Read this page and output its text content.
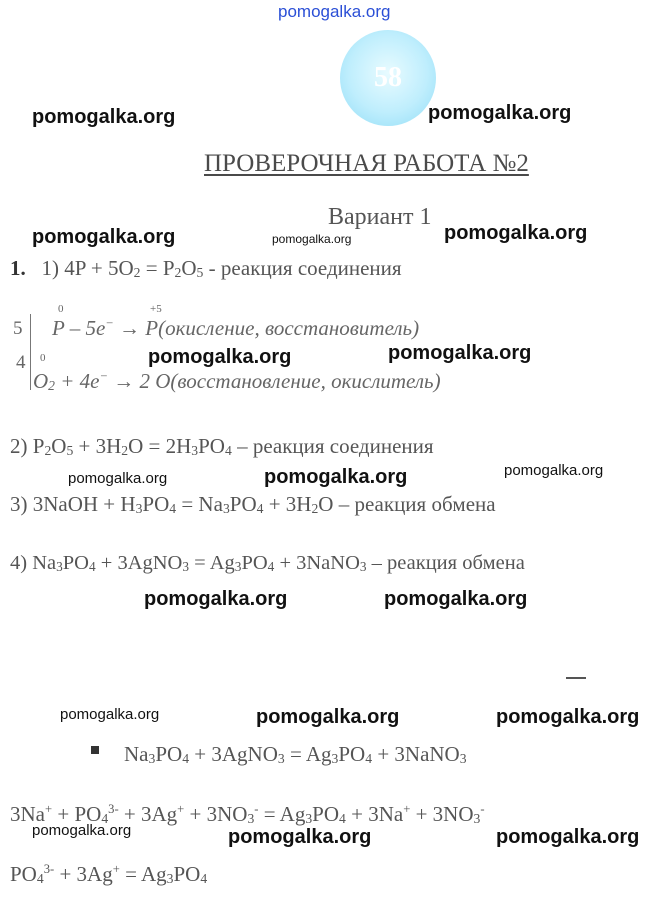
pomogalka.org
58
ПРОВЕРОЧНАЯ РАБОТА №2
Вариант 1
1. 1) $4P + 5O_2 = P_2O_5$ - реакция соединения
5
4
0	+5
P – 5e− → P(окисление, восстановитель)
0
$O_2 + 4e^- \to 2$ O(восстановление, окислитель)
2) $P_2O_5 + 3H_2O = 2H_3PO_4$ – реакция соединения
3) 3NaOH + $H_3PO_4 = Na_3PO_4 + 3H_2O$ – реакция обмена
4) $Na_3PO_4$ + 3AgNO$_3$ = $Ag_3PO_4$ + 3NaNO$_3$ – реакция обмена
$Na_3PO_4$ + 3AgNO$_3$ = $Ag_3PO_4$ + 3NaNO$_3$
$3Na^+ + PO_4^{3-} + 3Ag^+ + 3NO_3^- = Ag_3PO_4 + 3Na^+ + 3NO_3^-$
$PO_4^{3-} + 3Ag^+ = Ag_3PO_4$
pomogalka.org	pomogalka.org
pomogalka.org	pomogalka.org	pomogalka.org
pomogalka.org	pomogalka.org
pomogalka.org	pomogalka.org	pomogalka.org
pomogalka.org	pomogalka.org
pomogalka.org	pomogalka.org	pomogalka.org
pomogalka.org	pomogalka.org	pomogalka.org
